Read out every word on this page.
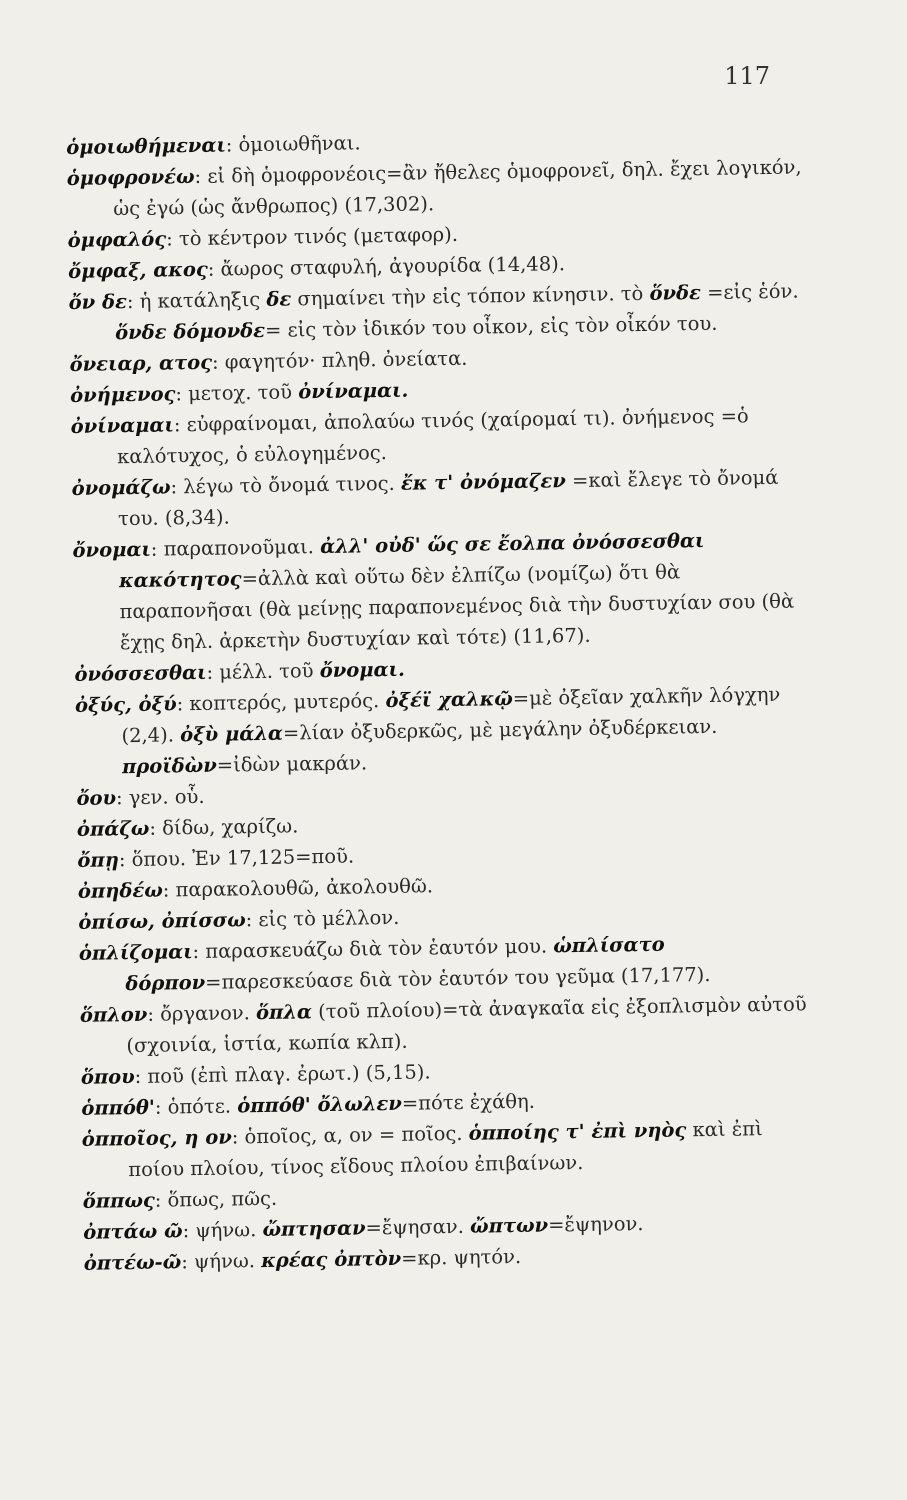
117
ὁμοιωθήμεναι: ὁμοιωθῆναι.
ὁμοφρονέω: εἰ δὴ ὁμοφρονέοις=ἂν ἤθελες ὁμοφρονεῖ, δηλ. ἔχει λογικόν, ὡς ἐγώ (ὡς ἄνθρωπος) (17,302).
ὀμφαλός: τὸ κέντρον τινός (μεταφορ).
ὄμφαξ, ακος: ἄωρος σταφυλή, ἀγουρίδα (14,48).
ὄν δε: ἡ κατάληξις δε σημαίνει τὴν εἰς τόπον κίνησιν. τὸ ὅνδε =εἰς ἑόν. ὅνδε δόμονδε= εἰς τὸν ἰδικόν του οἶκον, εἰς τὸν οἶκόν του.
ὄνειαρ, ατος: φαγητόν· πληθ. ὀνείατα.
ὀνήμενος: μετοχ. τοῦ ὀνίναμαι.
ὀνίναμαι: εὐφραίνομαι, ἀπολαύω τινός (χαίρομαί τι). ὀνήμενος =ὁ καλότυχος, ὁ εὐλογημένος.
ὀνομάζω: λέγω τὸ ὄνομά τινος. ἔκ τ' ὀνόμαζεν =καὶ ἔλεγε τὸ ὄνομά του. (8,34).
ὄνομαι: παραπονοῦμαι. ἀλλ' οὐδ' ὥς σε ἔολπα ὀνόσσεσθαι κακότητος=ἀλλὰ καὶ οὕτω δὲν ἐλπίζω (νομίζω) ὅτι θὰ παραπονῆσαι (θὰ μείνῃς παραπονεμένος διὰ τὴν δυστυχίαν σου (θὰ ἔχῃς δηλ. ἀρκετὴν δυστυχίαν καὶ τότε) (11,67).
ὀνόσσεσθαι: μέλλ. τοῦ ὄνομαι.
ὀξύς, ὀξύ: κοπτερός, μυτερός. ὀξέϊ χαλκῷ=μὲ ὀξεῖαν χαλκῆν λόγχην (2,4). ὀξὺ μάλα=λίαν ὀξυδερκῶς, μὲ μεγάλην ὀξυδέρκειαν. προϊδὼν=ἰδὼν μακράν.
ὄου: γεν. οὗ.
ὀπάζω: δίδω, χαρίζω.
ὄπῃ: ὅπου. Ἐν 17,125=ποῦ.
ὀπηδέω: παρακολουθῶ, ἀκολουθῶ.
ὀπίσω, ὀπίσσω: εἰς τὸ μέλλον.
ὁπλίζομαι: παρασκευάζω διὰ τὸν ἑαυτόν μου. ὡπλίσατο δόρπον=παρεσκεύασε διὰ τὸν ἑαυτόν του γεῦμα (17,177).
ὅπλον: ὄργανον. ὅπλα (τοῦ πλοίου)=τὰ ἀναγκαῖα εἰς ἐξοπλισμὸν αὐτοῦ (σχοινία, ἱστία, κωπία κλπ).
ὅπου: ποῦ (ἐπὶ πλαγ. ἐρωτ.) (5,15).
ὁππόθ': ὁπότε. ὁππόθ' ὄλωλεν=πότε ἐχάθη.
ὁπποῖος, η ον: ὁποῖος, α, ον = ποῖος. ὁπποίης τ' ἐπὶ νηὸς καὶ ἐπὶ ποίου πλοίου, τίνος εἴδους πλοίου ἐπιβαίνων.
ὅππως: ὅπως, πῶς.
ὀπτάω ῶ: ψήνω. ὤπτησαν=ἔψησαν. ὤπτων=ἔψηνον.
ὀπτέω-ῶ: ψήνω. κρέας ὀπτὸν=κρ. ψητόν.
